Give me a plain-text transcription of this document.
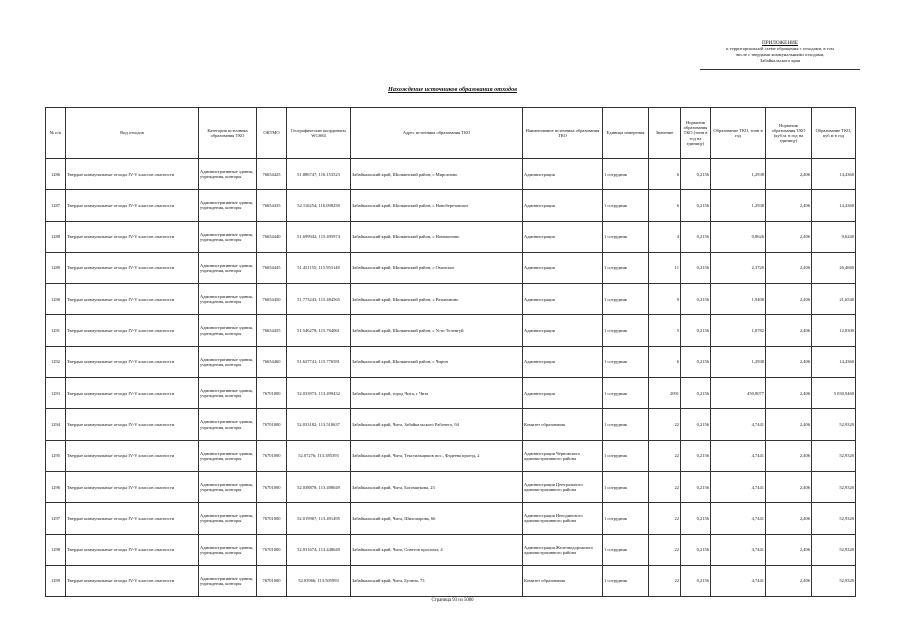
ПРИЛОЖЕНИЕ
к территориальной схеме обращения с отходами, в том
числе с твердыми коммунальными отходами,
Забайкальского края
Нахождение источников образования отходов
№ п/п	Вид отходов	Категория источника образования ТКО	ОКТМО	Географические координаты WGS84	Адрес источника образования ТКО	Наименование источника образования ТКО	Единица измерения	Значение	Норматив образования ТКО (тонн в год на единицу)	Образование ТКО, тонн в год	Норматив образования ТКО (куб.м. в год на единицу)	Образование ТКО, куб.м в год
1286	Твердые коммунальные отходы IV-V классов опасности	Административные здания, учреждения, конторы	76654425	51.886747; 116.153523	Забайкальский край, Шилкинский район, с Мирсаново	Администрация	1 сотрудник	6	0,2156	1,2938	2,406	14,4360
1287	Твердые коммунальные отходы IV-V классов опасности	Административные здания, учреждения, конторы	76654435	52.116254; 116.098258	Забайкальский край, Шилкинский район, с Новоберезовское	Администрация	1 сотрудник	6	0,2156	1,2938	2,406	14,4360
1288	Твердые коммунальные отходы IV-V классов опасности	Административные здания, учреждения, конторы	76654440	51.699942; 115.495974	Забайкальский край, Шилкинский район, с Номоконово	Администрация	1 сотрудник	4	0,2156	0,8626	2,406	9,6240
1289	Твердые коммунальные отходы IV-V классов опасности	Административные здания, учреждения, конторы	76654445	51.451155; 115.953148	Забайкальский край, Шилкинский район, с Омочское	Администрация	1 сотрудник	11	0,2156	2,3720	2,406	26,4660
1290	Твердые коммунальные отходы IV-V классов опасности	Административные здания, учреждения, конторы	76654450	51.773243; 115.484565	Забайкальский край, Шилкинский район, с Размахнино	Администрация	1 сотрудник	9	0,2156	1,9408	2,406	21,6540
1291	Твердые коммунальные отходы IV-V классов опасности	Административные здания, учреждения, конторы	76654455	51.546278; 115.764061	Забайкальский край, Шилкинский район, с Усть-Теленгуй	Администрация	1 сотрудник	5	0,2156	1,0782	2,406	12,0300
1292	Твердые коммунальные отходы IV-V классов опасности	Административные здания, учреждения, конторы	76654460	51.627741; 115.776581	Забайкальский край, Шилкинский район, с Чирон	Администрация	1 сотрудник	6	0,2156	1,2938	2,406	14,4360
1293	Твердые коммунальные отходы IV-V классов опасности	Административные здания, учреждения, конторы	76701000	52.033973; 113.499432	Забайкальский край, город Чита, г Чита	Администрация	1 сотрудник	2091	0,2156	450,8077	2,406	5 030,9460
1294	Твердые коммунальные отходы IV-V классов опасности	Административные здания, учреждения, конторы	76701000	52.033182; 113.510637	Забайкальский край, Чита, Забайкальского Рабочего, 94	Комитет образования	1 сотрудник	22	0,2156	4,7441	2,406	52,9320
1295	Твердые коммунальные отходы IV-V классов опасности	Административные здания, учреждения, конторы	76701000	52.07276; 113.385393	Забайкальский край, Чита, Текстильщиков пос., Фадеева проезд, 2	Администрация Черновского административного района	1 сотрудник	22	0,2156	4,7441	2,406	52,9320
1296	Твердые коммунальные отходы IV-V классов опасности	Административные здания, учреждения, конторы	76701000	52.038878; 113.498049	Забайкальский край, Чита, Богомягкова, 23	Администрация Центрального административного района	1 сотрудник	22	0,2156	4,7441	2,406	52,9320
1297	Твердые коммунальные отходы IV-V классов опасности	Административные здания, учреждения, конторы	76701000	52.019967; 113.491495	Забайкальский край, Чита, Шилопарова, 66	Администрация Ингодинского административного района	1 сотрудник	22	0,2156	4,7441	2,406	52,9320
1298	Твердые коммунальные отходы IV-V классов опасности	Административные здания, учреждения, конторы	76701000	52.031674; 113.448649	Забайкальский край, Чита, Советов проспект, 4	Администрация Железнодорожного административного района	1 сотрудник	22	0,2156	4,7441	2,406	52,9320
1299	Твердые коммунальные отходы IV-V классов опасности	Административные здания, учреждения, конторы	76701000	52.03966; 113.505993	Забайкальский край, Чита, Бутина, 73	Комитет образования	1 сотрудник	22	0,2156	4,7441	2,406	52,9320
Страница 93 из 5080
